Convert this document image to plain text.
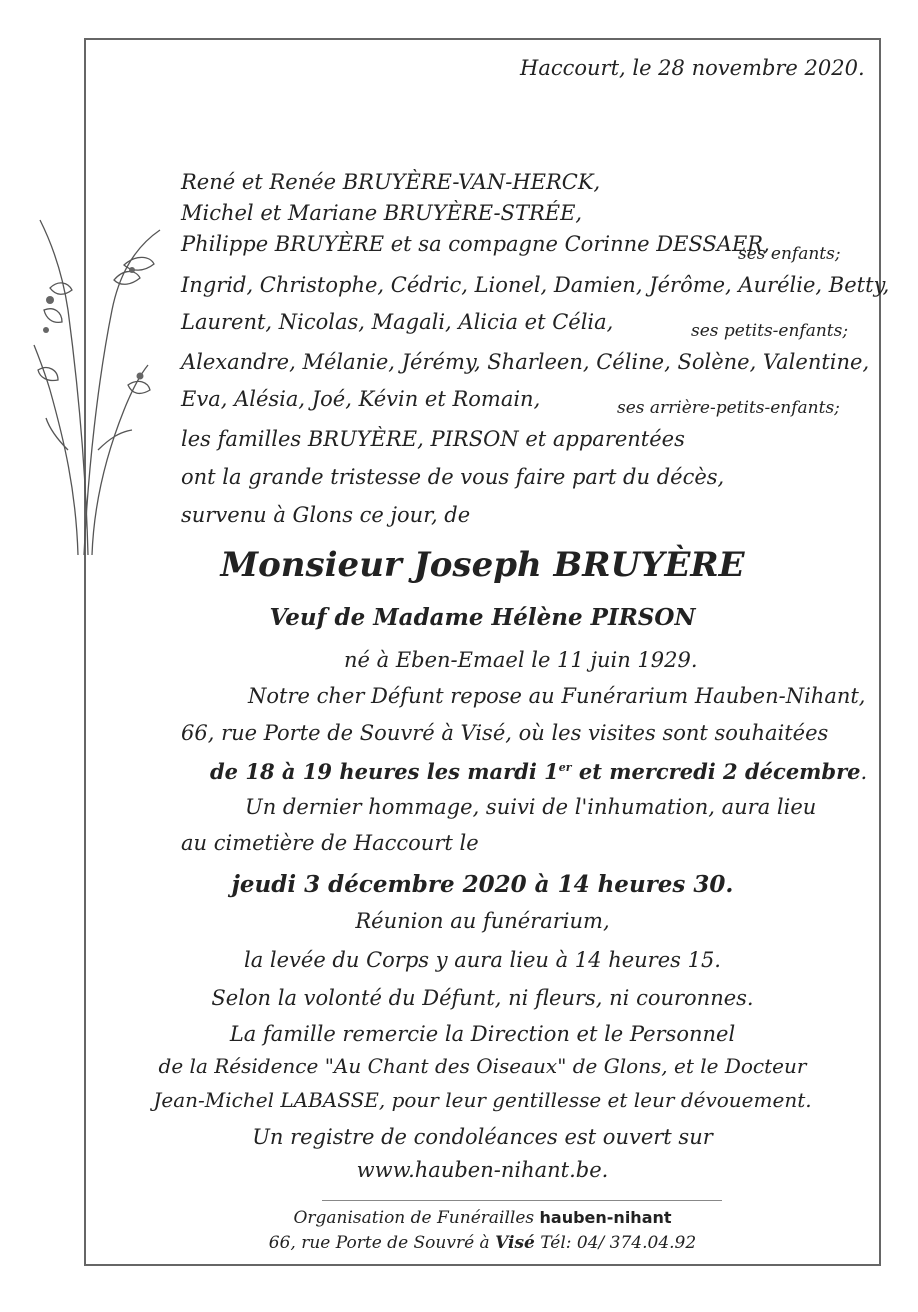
Haccourt, le 28 novembre 2020.
René et Renée BRUYÈRE-VAN-HERCK,
Michel et Mariane BRUYÈRE-STRÉE,
Philippe BRUYÈRE et sa compagne Corinne DESSAER,
ses enfants;
Ingrid, Christophe, Cédric, Lionel, Damien, Jérôme, Aurélie, Betty,
Laurent, Nicolas, Magali, Alicia et Célia,	ses petits-enfants;
Alexandre, Mélanie, Jérémy, Sharleen, Céline, Solène, Valentine,
Eva, Alésia, Joé, Kévin et Romain,	ses arrière-petits-enfants;
les familles BRUYÈRE, PIRSON et apparentées
ont la grande tristesse de vous faire part du décès,
survenu à Glons ce jour, de
Monsieur Joseph BRUYÈRE
Veuf de Madame Hélène PIRSON
né à Eben-Emael le 11 juin 1929.
Notre cher Défunt repose au Funérarium Hauben-Nihant,
66, rue Porte de Souvré à Visé, où les visites sont souhaitées
de 18 à 19 heures les mardi 1er et mercredi 2 décembre.
Un dernier hommage, suivi de l'inhumation, aura lieu
au cimetière de Haccourt le
jeudi 3 décembre 2020 à 14 heures 30.
Réunion au funérarium,
la levée du Corps y aura lieu à 14 heures 15.
Selon la volonté du Défunt, ni fleurs, ni couronnes.
La famille remercie la Direction et le Personnel
de la Résidence "Au Chant des Oiseaux" de Glons, et le Docteur
Jean-Michel LABASSE, pour leur gentillesse et leur dévouement.
Un registre de condoléances est ouvert sur
www.hauben-nihant.be.
Organisation de Funérailles hauben-nihant
66, rue Porte de Souvré à Visé Tél: 04/ 374.04.92
